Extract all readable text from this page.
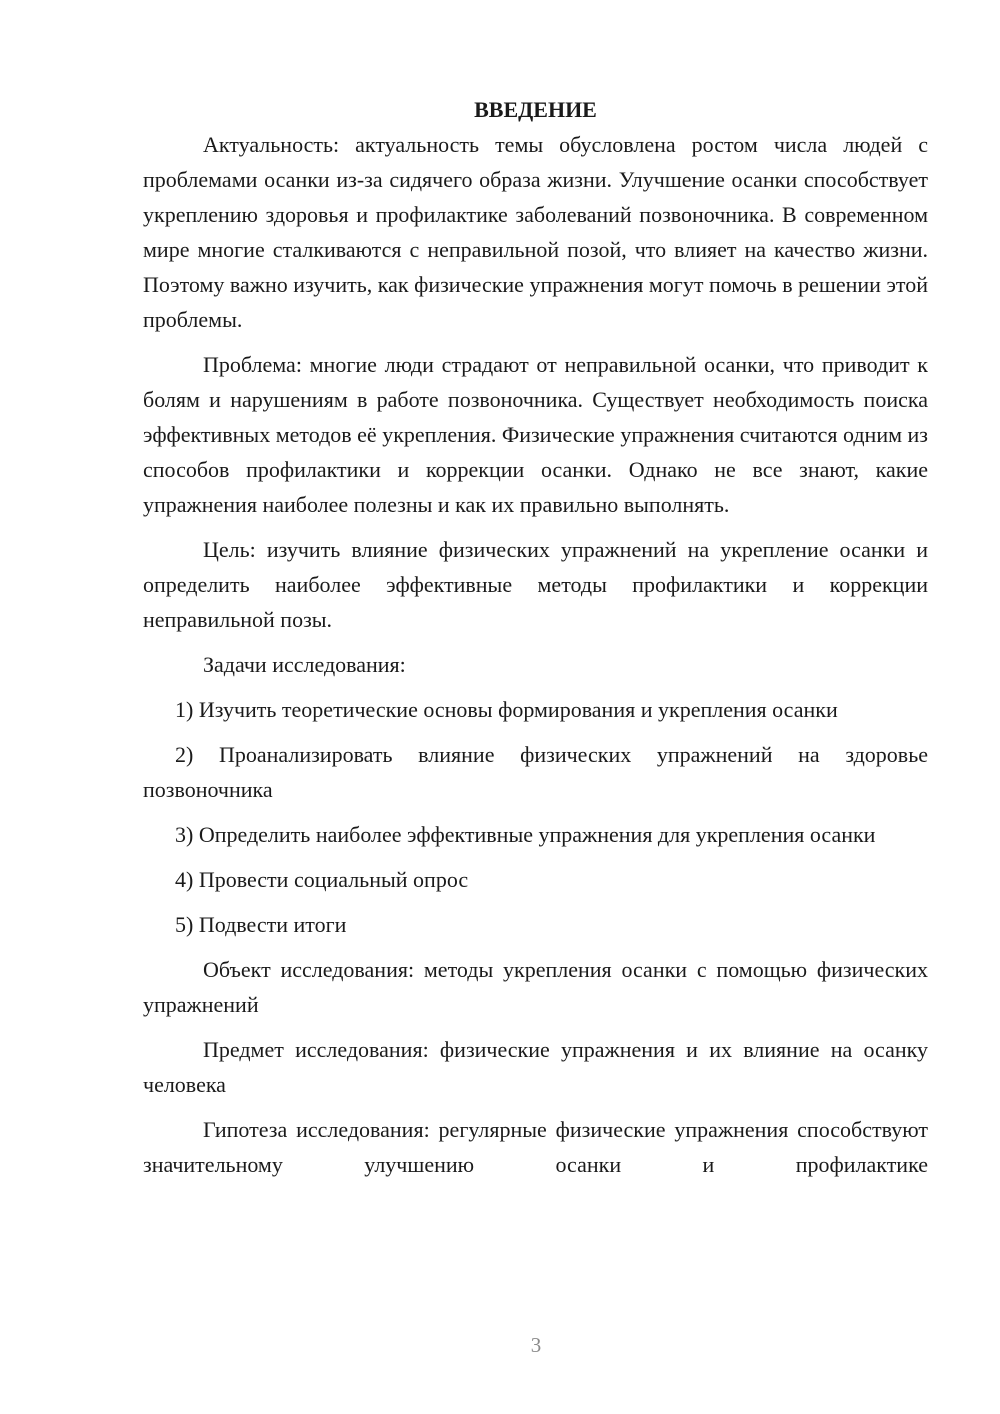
ВВЕДЕНИЕ

Актуальность: актуальность темы обусловлена ростом числа людей с проблемами осанки из-за сидячего образа жизни. Улучшение осанки способствует укреплению здоровья и профилактике заболеваний позвоночника. В современном мире многие сталкиваются с неправильной позой, что влияет на качество жизни. Поэтому важно изучить, как физические упражнения могут помочь в решении этой проблемы.

Проблема: многие люди страдают от неправильной осанки, что приводит к болям и нарушениям в работе позвоночника. Существует необходимость поиска эффективных методов её укрепления. Физические упражнения считаются одним из способов профилактики и коррекции осанки. Однако не все знают, какие упражнения наиболее полезны и как их правильно выполнять.

Цель: изучить влияние физических упражнений на укрепление осанки и определить наиболее эффективные методы профилактики и коррекции неправильной позы.

Задачи исследования:

1) Изучить теоретические основы формирования и укрепления осанки

2) Проанализировать влияние физических упражнений на здоровье позвоночника

3) Определить наиболее эффективные упражнения для укрепления осанки

4) Провести социальный опрос

5) Подвести итоги

Объект исследования: методы укрепления осанки с помощью физических упражнений

Предмет исследования: физические упражнения и их влияние на осанку человека

Гипотеза исследования: регулярные физические упражнения способствуют значительному улучшению осанки и профилактике

3
